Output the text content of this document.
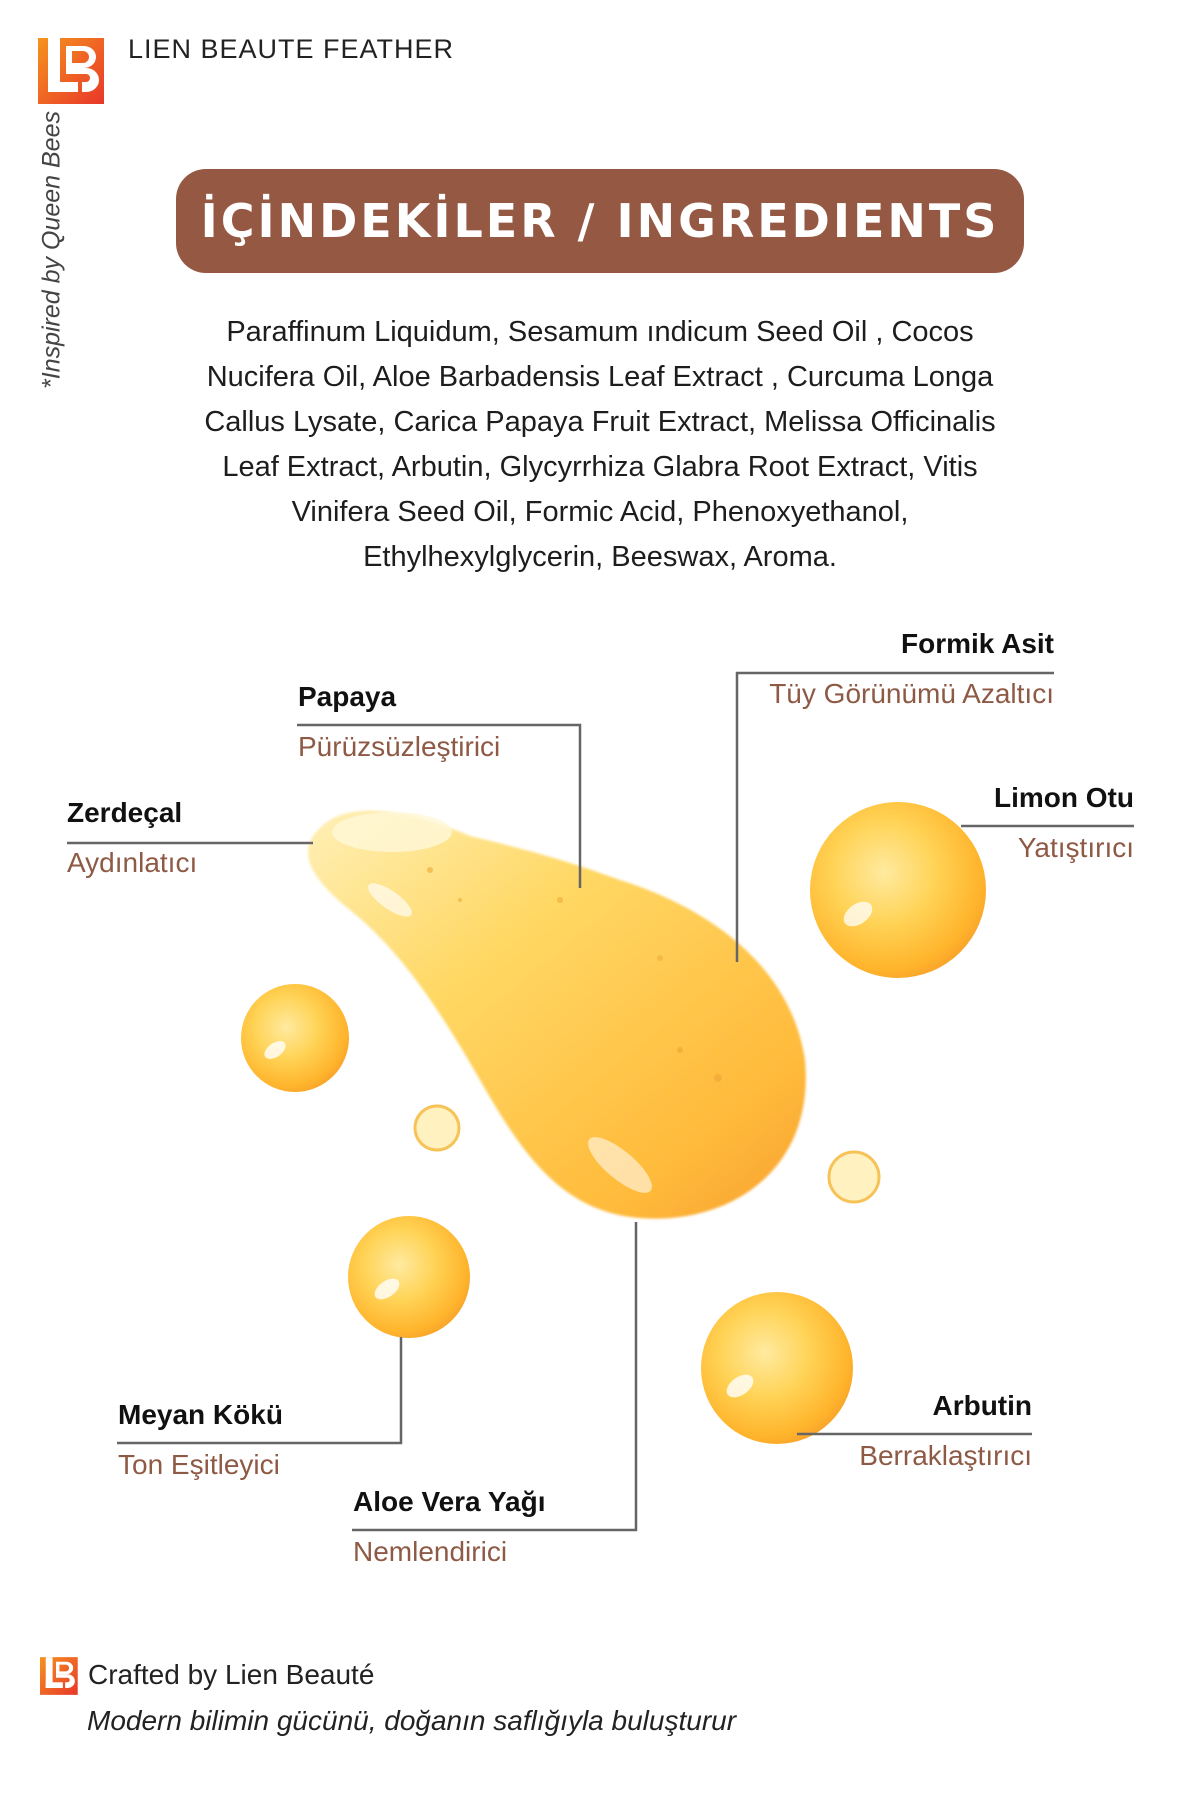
LIEN BEAUTE FEATHER
*Inspired by Queen Bees	İÇİNDEKİLER / INGREDIENTS
Paraffinum Liquidum, Sesamum ındicum Seed Oil , Cocos
Nucifera Oil, Aloe Barbadensis Leaf Extract , Curcuma Longa
Callus Lysate, Carica Papaya Fruit Extract, Melissa Officinalis
Leaf Extract, Arbutin, Glycyrrhiza Glabra Root Extract, Vitis
Vinifera Seed Oil, Formic Acid, Phenoxyethanol,
Ethylhexylglycerin, Beeswax, Aroma.
Papaya
Pürüzsüzleştirici
Formik Asit
Tüy Görünümü Azaltıcı
Zerdeçal
Aydınlatıcı
Limon Otu
Yatıştırıcı
Meyan Kökü
Ton Eşitleyici
Arbutin
Berraklaştırıcı
Aloe Vera Yağı
Nemlendirici
Crafted by Lien Beauté
Modern bilimin gücünü, doğanın saflığıyla buluşturur
